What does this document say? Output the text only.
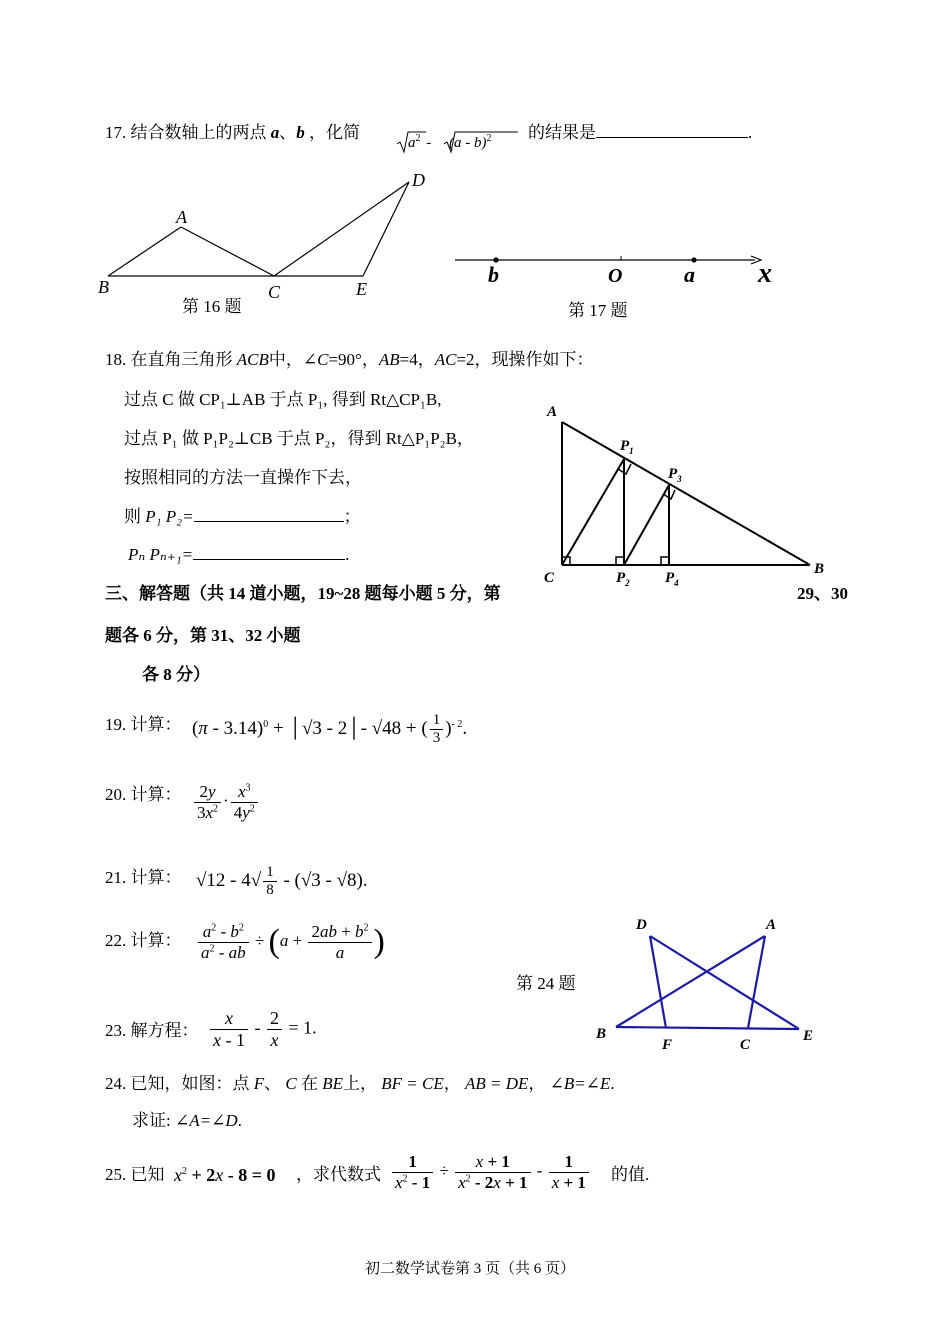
17. 结合数轴上的两点 a、b ，化简
$a^2 - (a - b)^2$ 的结果是	.
A
B	C
D
E
第 16 题
b	O	a x
第 17 题
18. 在直角三角形 ACB中，∠C=90°，AB=4，AC=2，现操作如下：
过点 C 做 CP₁⊥AB 于点 P₁, 得到 Rt△CP₁B,
过点 P₁ 做 P₁P₂⊥CB 于点 P₂，得到 Rt△P₁P₂B，
按照相同的方法一直操作下去，
则 P₁ P₂=	；
Pₙ Pₙ₊₁=	.
A
B
C
$P_1$
$P_2$
$P_3$
$P_4$
三、解答题（共 14 道小题，19~28 题每小题 5 分，第	29、30
题各 6 分，第 31、32 小题
各 8 分）
19. 计算： (π - 3.14)$^0$ + │√3 - 2│- √48 + ( $\frac{1}{3} )^{- 2}$.
20. 计算： $\frac{2y}{3x^2} \cdot \frac{x^3}{4y^2}$
21. 计算： $√12 - 4√ \frac{1}{8} - (√3 - √8)$.
22. 计算： $\frac{a^2 - b^2}{a^2 - ab} \div (a + \frac{2ab + b^2}{a}$ )
第 24 题
D	A
B
F	C
E
23. 解方程： $\frac{x}{x - 1} - \frac{2}{x} = 1$.
24. 已知，如图：点 F、 C 在 BE上， BF = CE， AB = DE， ∠B=∠E.
求证: ∠A=∠D.
25. 已知 $x^2 + 2x - 8 = 0$ ，求代数式 $\frac{1}{x^2 - 1} \div \frac{x + 1}{x^2 - 2x + 1} - \frac{1}{x + 1}$ 的值.
初二数学试卷第 3 页（共 6 页）
